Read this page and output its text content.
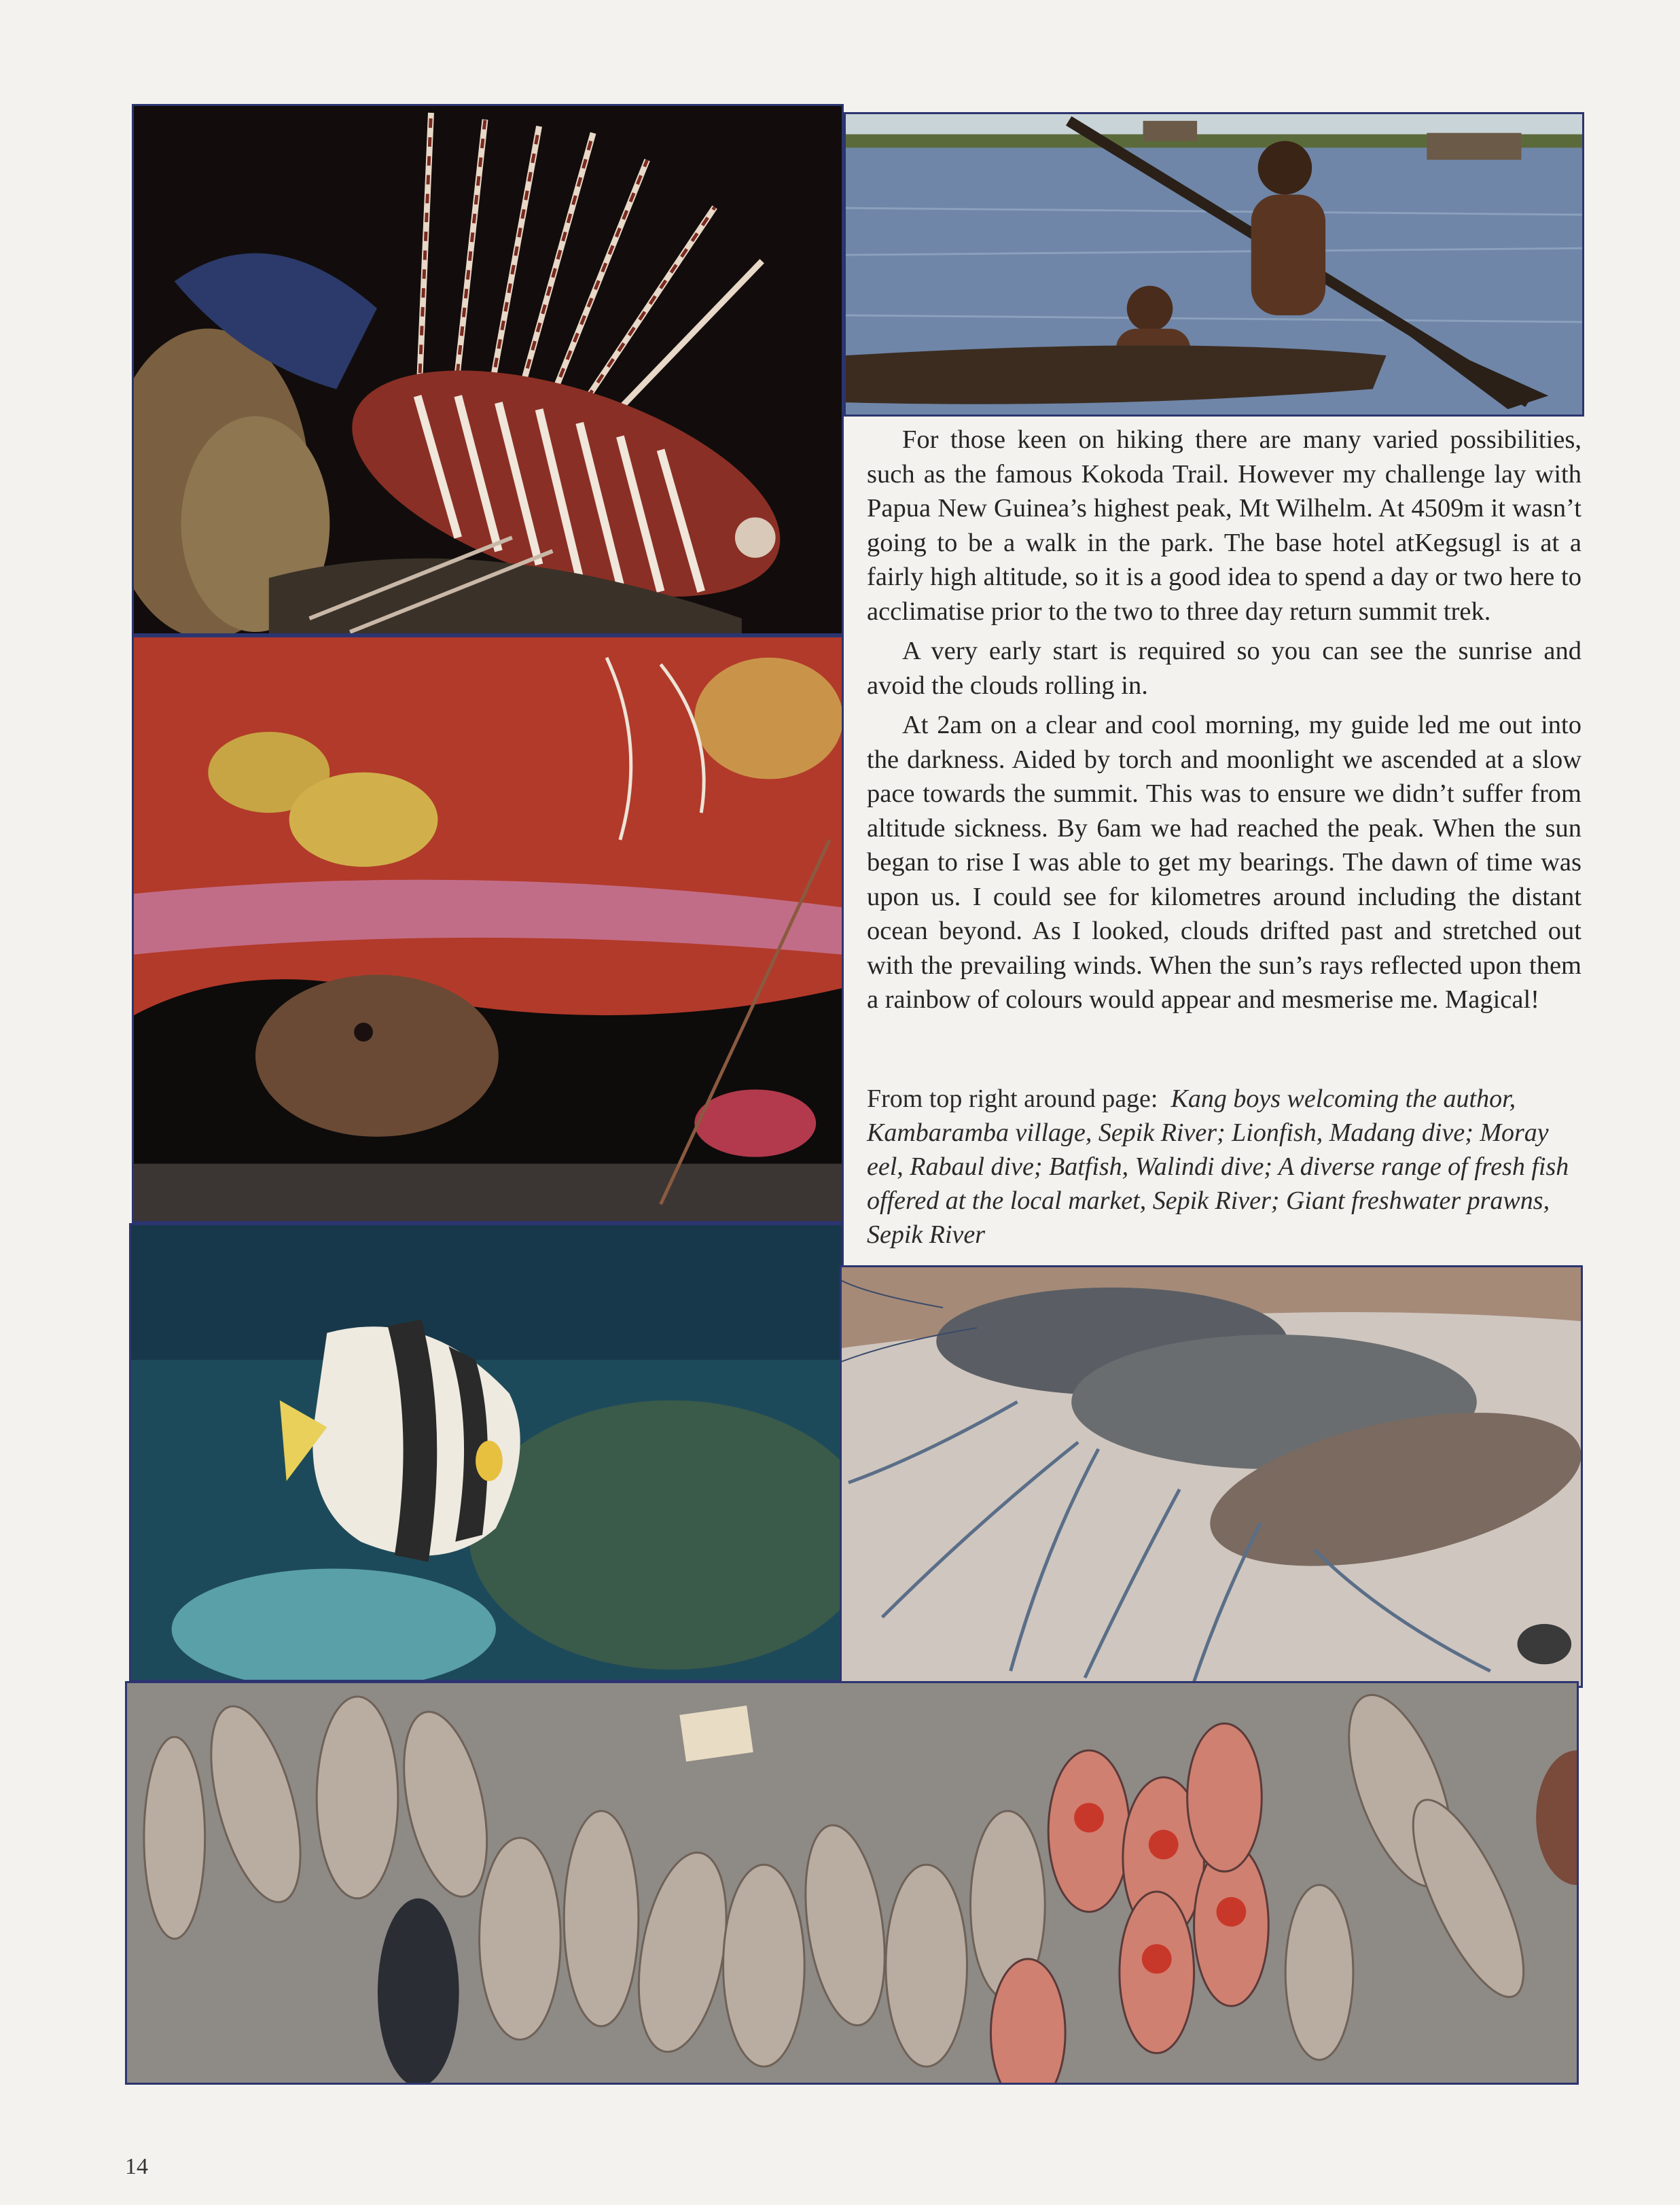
For those keen on hiking there are many varied possibilities, such as the famous Kokoda Trail. However my challenge lay with Papua New Guinea’s highest peak, Mt Wilhelm. At 4509m it wasn’t going to be a walk in the park. The base hotel atKegsugl is at a fairly high altitude, so it is a good idea to spend a day or two here to acclimatise prior to the two to three day return summit trek.

A very early start is required so you can see the sunrise and avoid the clouds rolling in.

At 2am on a clear and cool morning, my guide led me out into the darkness. Aided by torch and moonlight we ascended at a slow pace towards the summit. This was to ensure we didn’t suffer from altitude sickness. By 6am we had reached the peak. When the sun began to rise I was able to get my bearings. The dawn of time was upon us. I could see for kilometres around including the distant ocean beyond. As I looked, clouds drifted past and stretched out with the prevailing winds. When the sun’s rays reflected upon them a rainbow of colours would appear and mesmerise me. Magical!

From top right around page: Kang boys welcoming the author, Kambaramba village, Sepik River; Lionfish, Madang dive; Moray eel, Rabaul dive; Batfish, Walindi dive; A diverse range of fresh fish offered at the local market, Sepik River; Giant freshwater prawns, Sepik River
14
